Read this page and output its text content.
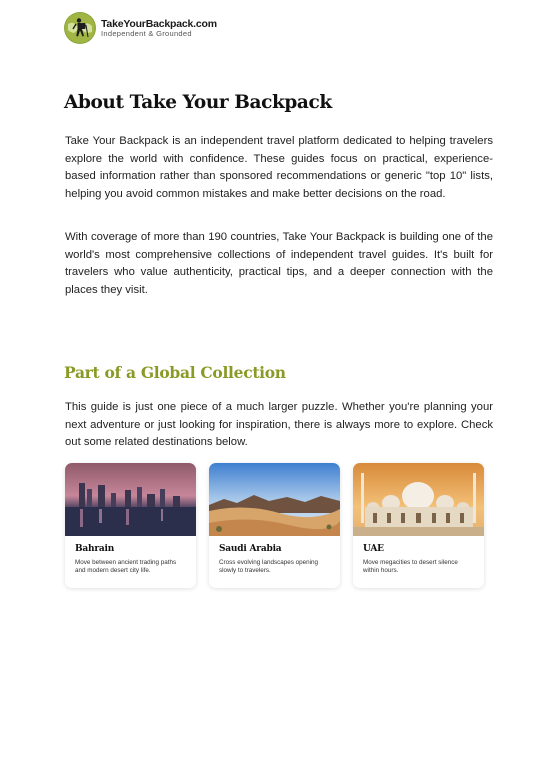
TakeYourBackpack.com
Independent & Grounded
About Take Your Backpack

Take Your Backpack is an independent travel platform dedicated to helping travelers explore the world with confidence. These guides focus on practical, experience-based information rather than sponsored recommendations or generic "top 10" lists, helping you avoid common mistakes and make better decisions on the road.

With coverage of more than 190 countries, Take Your Backpack is building one of the world's most comprehensive collections of independent travel guides. It's built for travelers who value authenticity, practical tips, and a deeper connection with the places they visit.

Part of a Global Collection

This guide is just one piece of a much larger puzzle. Whether you're planning your next adventure or just looking for inspiration, there is always more to explore. Check out some related destinations below.

Bahrain
Move between ancient trading paths and modern desert city life.
Saudi Arabia
Cross evolving landscapes opening slowly to travelers.
UAE
Move megacities to desert silence within hours.
